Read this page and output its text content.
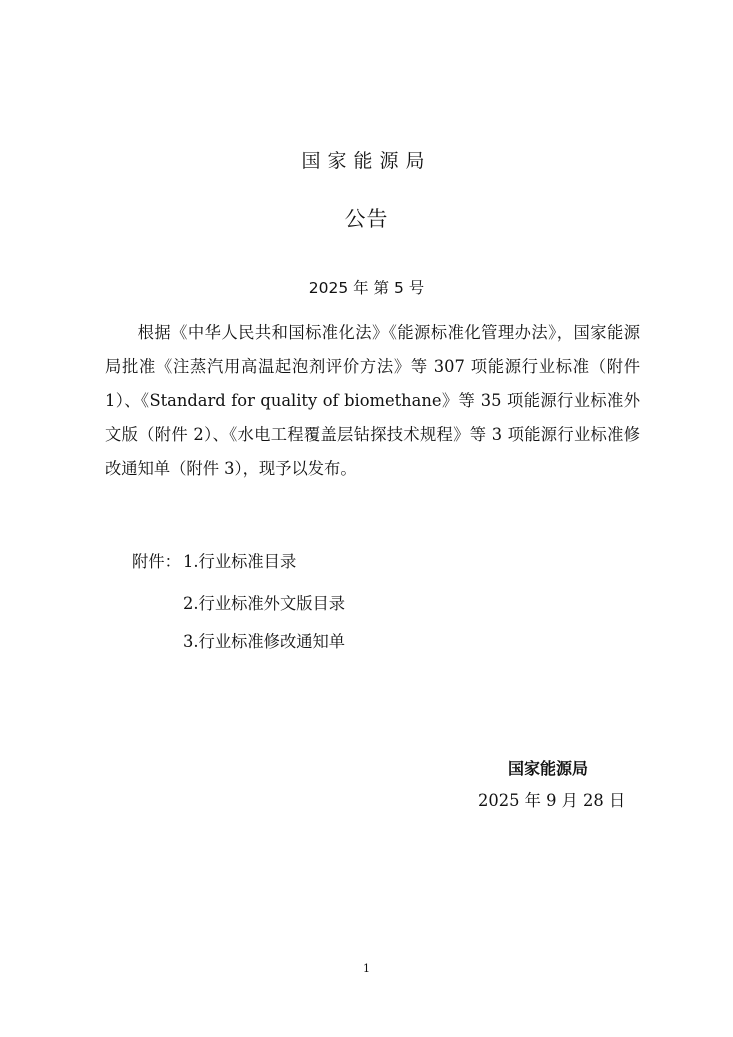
国家能源局
公告
2025 年 第 5 号

根据《中华人民共和国标准化法》《能源标准化管理办法》，国家能源局批准《注蒸汽用高温起泡剂评价方法》等 307 项能源行业标准（附件 1）、《Standard for quality of biomethane》等 35 项能源行业标准外文版（附件 2）、《水电工程覆盖层钻探技术规程》等 3 项能源行业标准修改通知单（附件 3），现予以发布。

附件： 1.行业标准目录
2.行业标准外文版目录
3.行业标准修改通知单
国家能源局
2025 年 9 月 28 日
1
